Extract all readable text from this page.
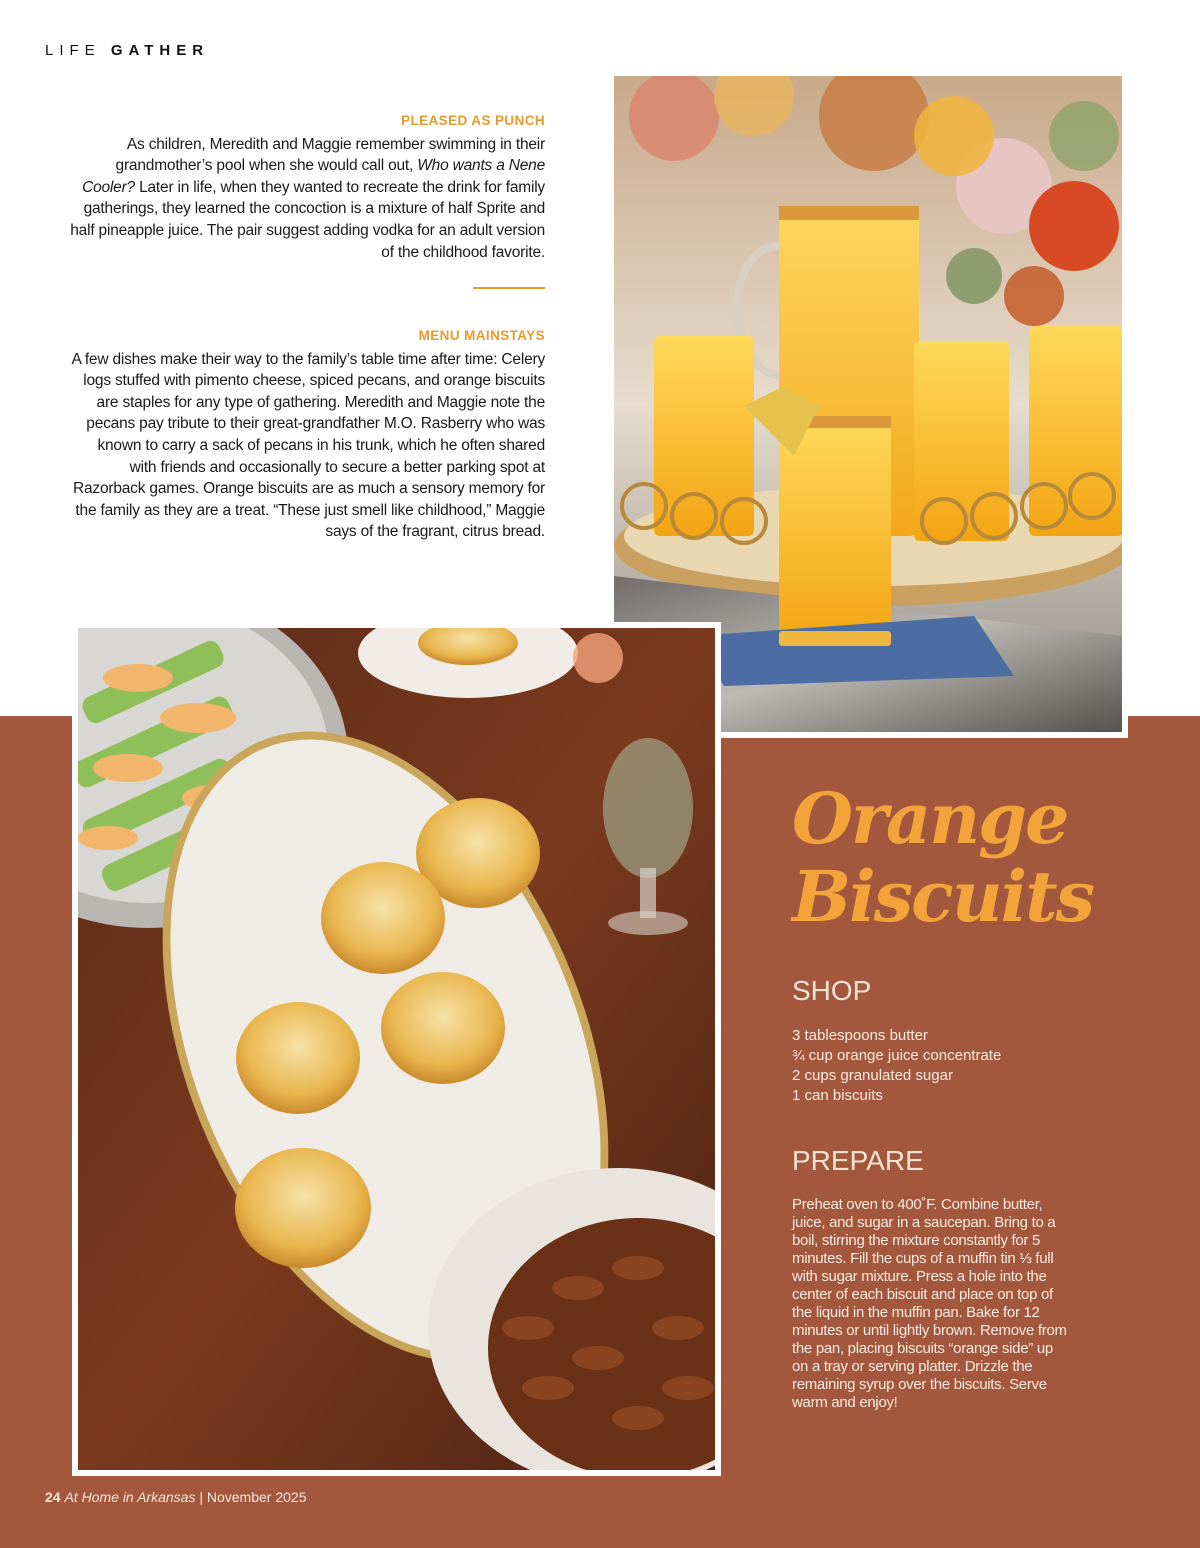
LIFE GATHER
PLEASED AS PUNCH
As children, Meredith and Maggie remember swimming in their grandmother’s pool when she would call out, Who wants a Nene Cooler? Later in life, when they wanted to recreate the drink for family gatherings, they learned the concoction is a mixture of half Sprite and half pineapple juice. The pair suggest adding vodka for an adult version of the childhood favorite.
MENU MAINSTAYS
A few dishes make their way to the family’s table time after time: Celery logs stuffed with pimento cheese, spiced pecans, and orange biscuits are staples for any type of gathering. Meredith and Maggie note the pecans pay tribute to their great-grandfather M.O. Rasberry who was known to carry a sack of pecans in his trunk, which he often shared with friends and occasionally to secure a better parking spot at Razorback games. Orange biscuits are as much a sensory memory for the family as they are a treat. “These just smell like childhood,” Maggie says of the fragrant, citrus bread.
Orange
Biscuits
SHOP
3 tablespoons butter
¾ cup orange juice concentrate
2 cups granulated sugar
1 can biscuits
PREPARE
Preheat oven to 400˚F. Combine butter, juice, and sugar in a saucepan. Bring to a boil, stirring the mixture constantly for 5 minutes. Fill the cups of a muffin tin ⅓ full with sugar mixture. Press a hole into the center of each biscuit and place on top of the liquid in the muffin pan. Bake for 12 minutes or until lightly brown. Remove from the pan, placing biscuits “orange side” up on a tray or serving platter. Drizzle the remaining syrup over the biscuits. Serve warm and enjoy!
24 At Home in Arkansas | November 2025
